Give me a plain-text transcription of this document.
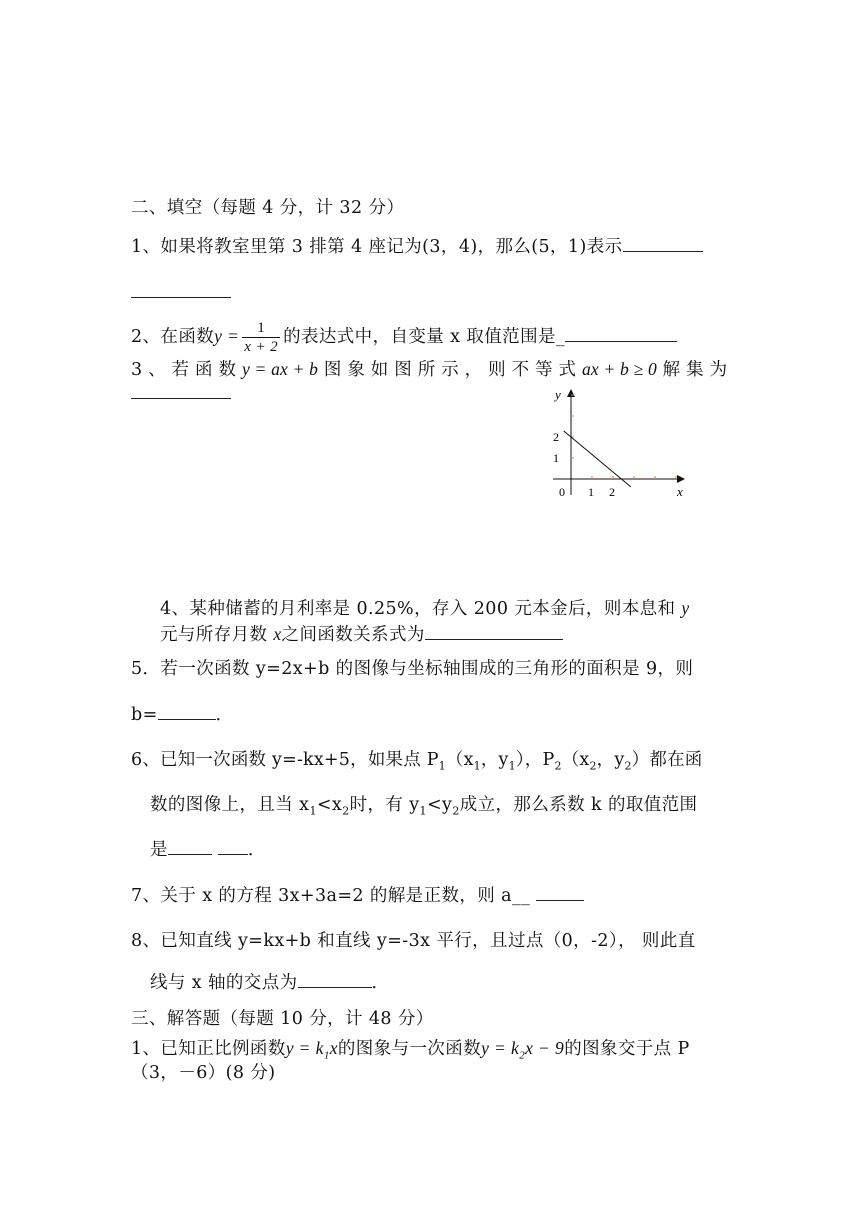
二、填空（每题 4 分，计 32 分）
1、如果将教室里第 3 排第 4 座记为(3，4)，那么(5，1)表示
2、在函数$y = \frac{1}{x + 2}$ 的表达式中，自变量 x 取值范围是_
3 、 若 函 数 y = ax + b 图 象 如 图 所 示 ， 则 不 等 式 ax + b ≥ 0 解 集 为
y
x
0 1 2
1
2
4、某种储蓄的月利率是 0.25%，存入 200 元本金后，则本息和 y
元与所存月数 x之间函数关系式为
5．若一次函数 y=2x+b 的图像与坐标轴围成的三角形的面积是 9，则
b=	．
6、已知一次函数 y=-kx+5，如果点 $P_1(x_1$，$y_1$），$P_2(x_2$，$y_2$）都在函
数的图像上，且当 $x_1<x_2$时，有 $y_1<y_2$成立，那么系数 k 的取值范围
是	．
7、关于 x 的方程 3x+3a=2 的解是正数，则 a__
8、已知直线 y=kx+b 和直线 y=-3x 平行，且过点（0，-2）， 则此直
线与 x 轴的交点为	．
三、解答题（每题 10 分，计 48 分）
1、已知正比例函数$y = k_1x$的图象与一次函数$y = k_2x - 9$的图象交于点 P
（3，－6）(8 分)
